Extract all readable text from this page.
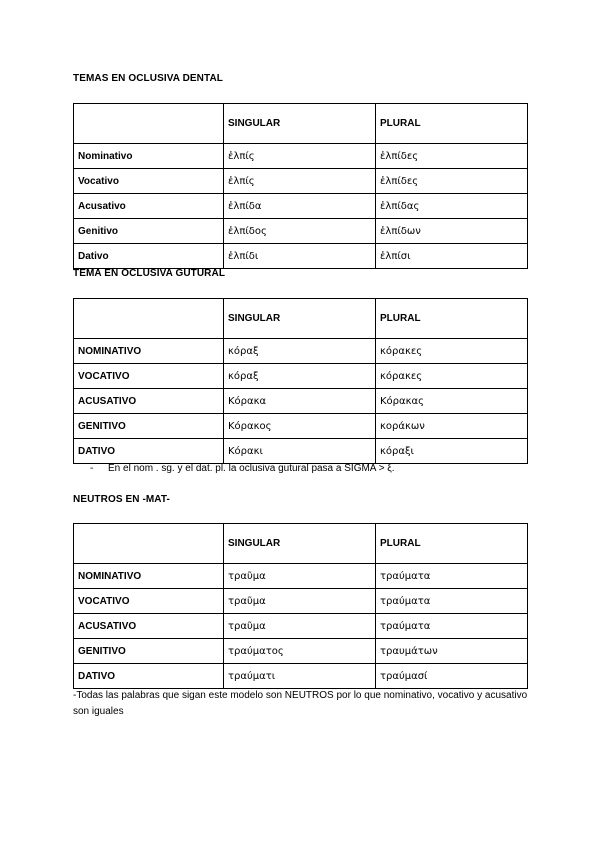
TEMAS EN OCLUSIVA DENTAL
	SINGULAR	PLURAL
Nominativo	ἐλπίς	ἐλπίδες
Vocativo	ἐλπίς	ἐλπίδες
Acusativo	ἐλπίδα	ἐλπίδας
Genitivo	ἐλπίδος	ἐλπίδων
Dativo	ἐλπίδι	ἐλπίσι
TEMA EN OCLUSIVA GUTURAL
	SINGULAR	PLURAL
NOMINATIVO	κόραξ	κόρακες
VOCATIVO	κόραξ	κόρακες
ACUSATIVO	Κόρακα	Κόρακας
GENITIVO	Κόρακος	κοράκων
DATIVO	Κόρακι	κόραξι
- En el nom . sg. y el dat. pl. la oclusiva gutural pasa a SIGMA > ξ.
NEUTROS EN -MAT-
	SINGULAR	PLURAL
NOMINATIVO	τραῦμα	τραύματα
VOCATIVO	τραῦμα	τραύματα
ACUSATIVO	τραῦμα	τραύματα
GENITIVO	τραύματος	τραυμάτων
DATIVO	τραύματι	τραύμασί
-Todas las palabras que sigan este modelo son NEUTROS por lo que nominativo, vocativo y acusativo son iguales
